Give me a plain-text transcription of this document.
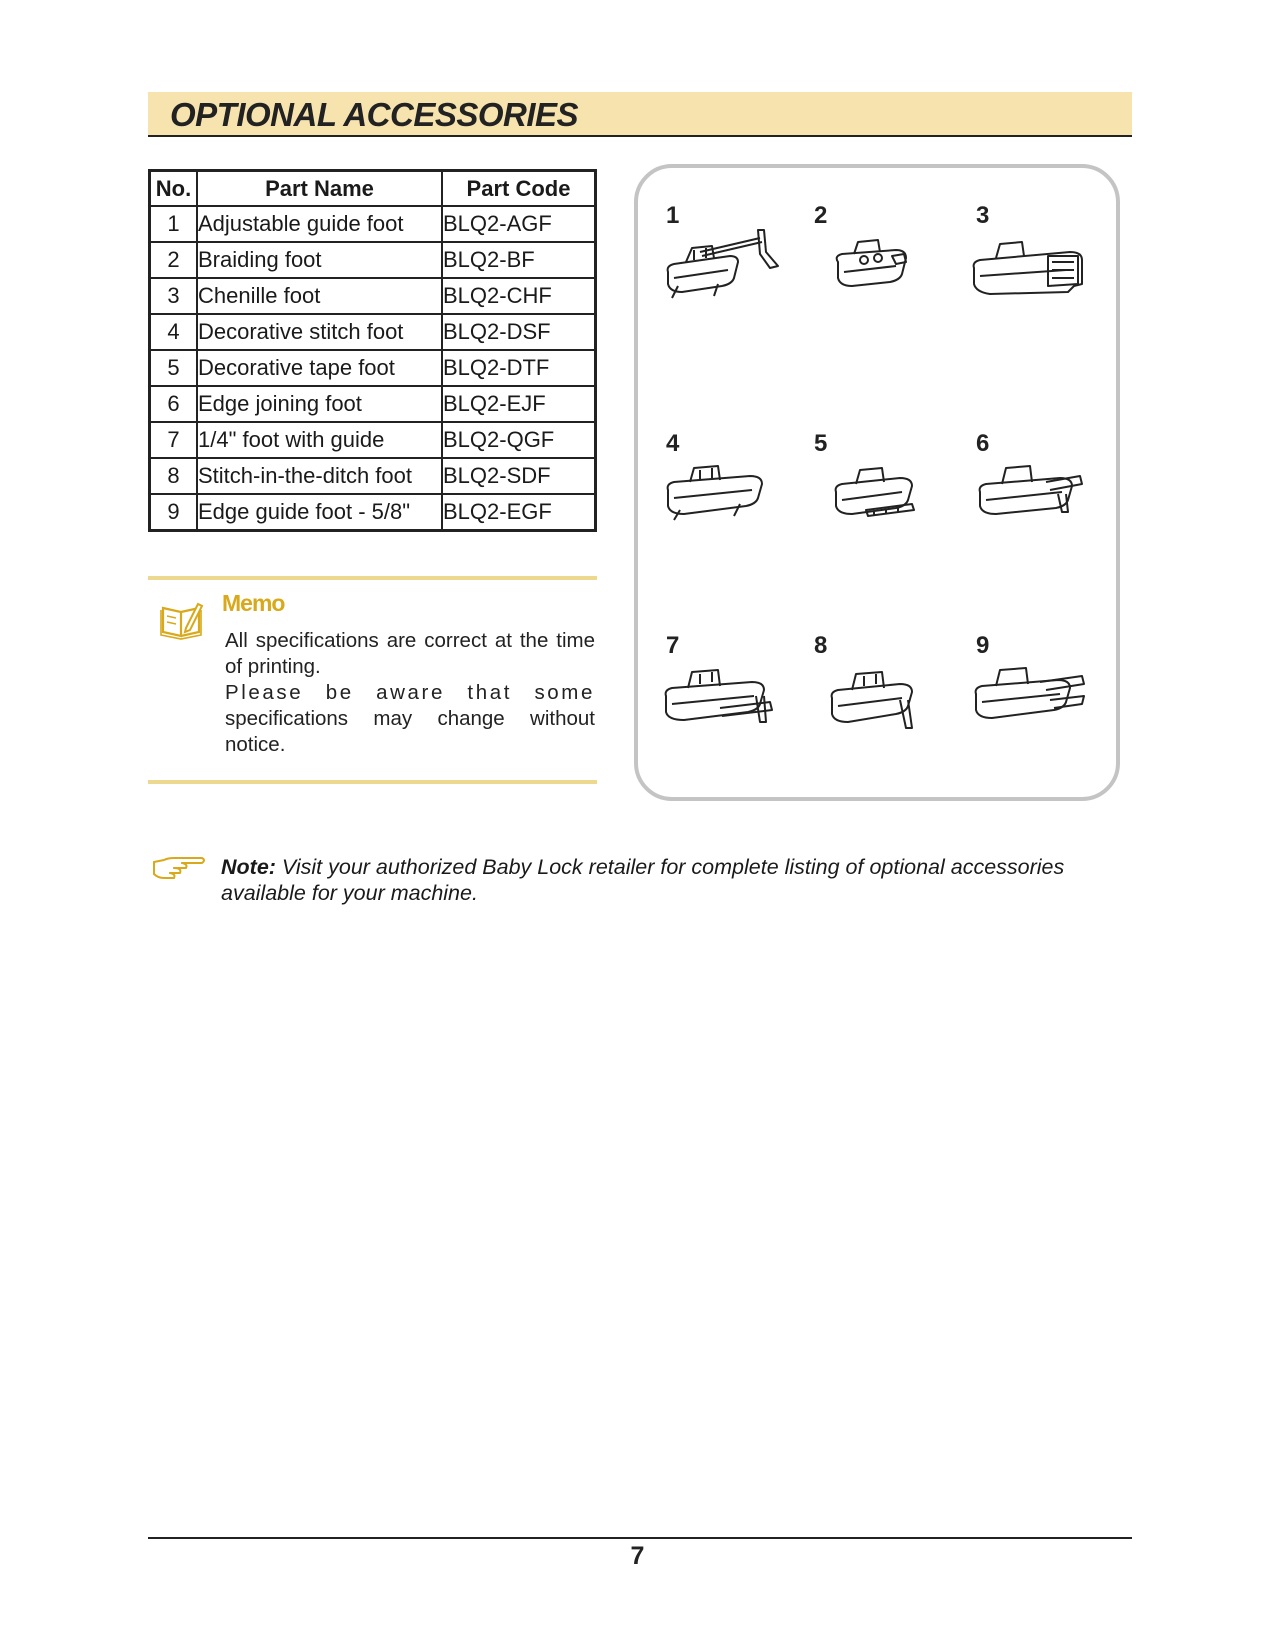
OPTIONAL ACCESSORIES
No.	Part Name	Part Code
1	Adjustable guide foot	BLQ2-AGF
2	Braiding foot	BLQ2-BF
3	Chenille foot	BLQ2-CHF
4	Decorative stitch foot	BLQ2-DSF
5	Decorative tape foot	BLQ2-DTF
6	Edge joining foot	BLQ2-EJF
7	1/4" foot with guide	BLQ2-QGF
8	Stitch-in-the-ditch foot	BLQ2-SDF
9	Edge guide foot - 5/8"	BLQ2-EGF
Memo

All specifications are correct at the time of printing.
Please be aware that some specifications may change without notice.

1	2	3
4	5	6
7	8	9

Note: Visit your authorized Baby Lock retailer for complete listing of optional accessories available for your machine.

7
